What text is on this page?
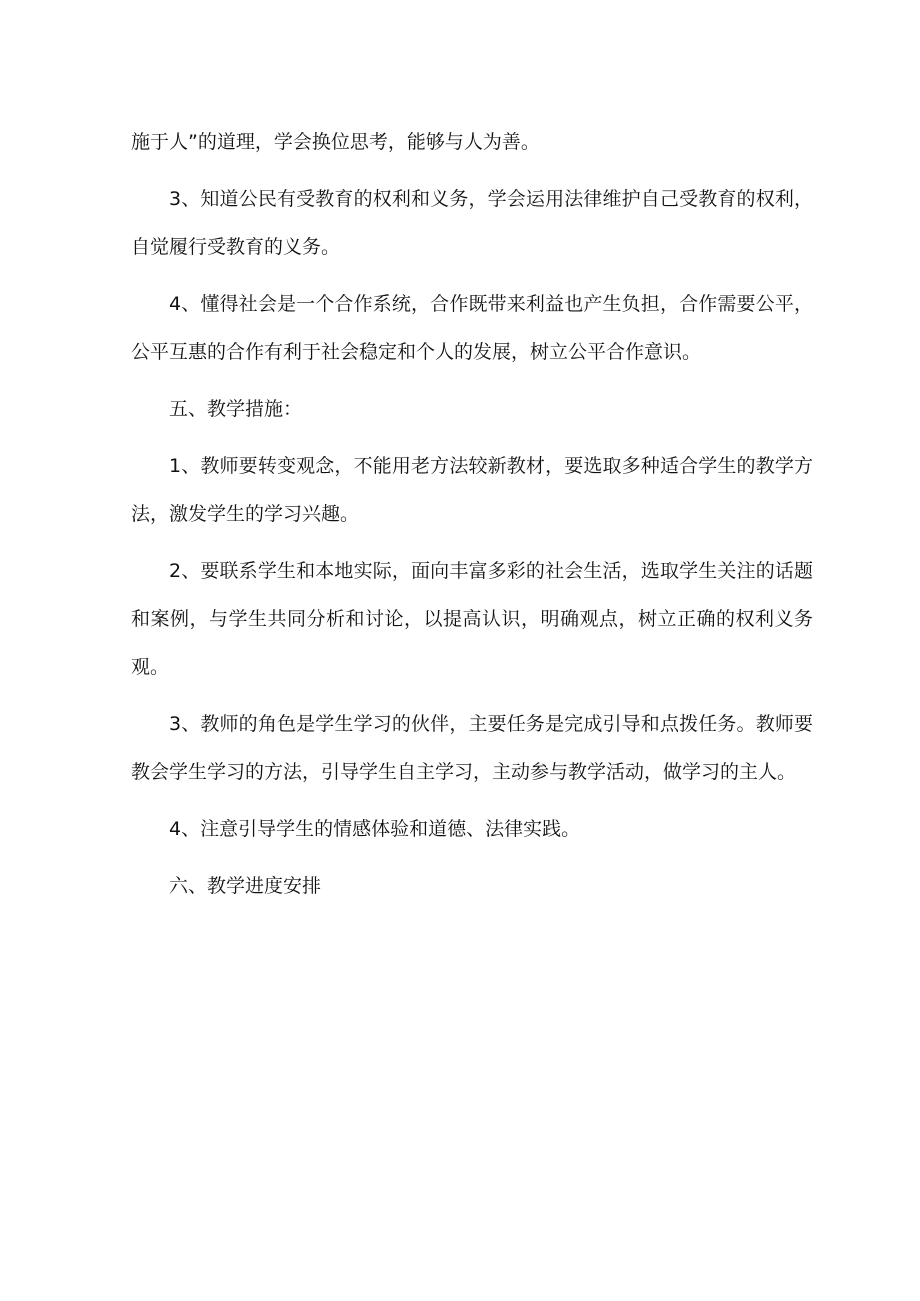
施于人”的道理，学会换位思考，能够与人为善。

3、知道公民有受教育的权利和义务，学会运用法律维护自己受教育的权利，自觉履行受教育的义务。

4、懂得社会是一个合作系统，合作既带来利益也产生负担，合作需要公平，公平互惠的合作有利于社会稳定和个人的发展，树立公平合作意识。

五、教学措施：

1、教师要转变观念，不能用老方法较新教材，要选取多种适合学生的教学方法，激发学生的学习兴趣。

2、要联系学生和本地实际，面向丰富多彩的社会生活，选取学生关注的话题和案例，与学生共同分析和讨论，以提高认识，明确观点，树立正确的权利义务观。

3、教师的角色是学生学习的伙伴，主要任务是完成引导和点拨任务。教师要教会学生学习的方法，引导学生自主学习，主动参与教学活动，做学习的主人。

4、注意引导学生的情感体验和道德、法律实践。

六、教学进度安排
